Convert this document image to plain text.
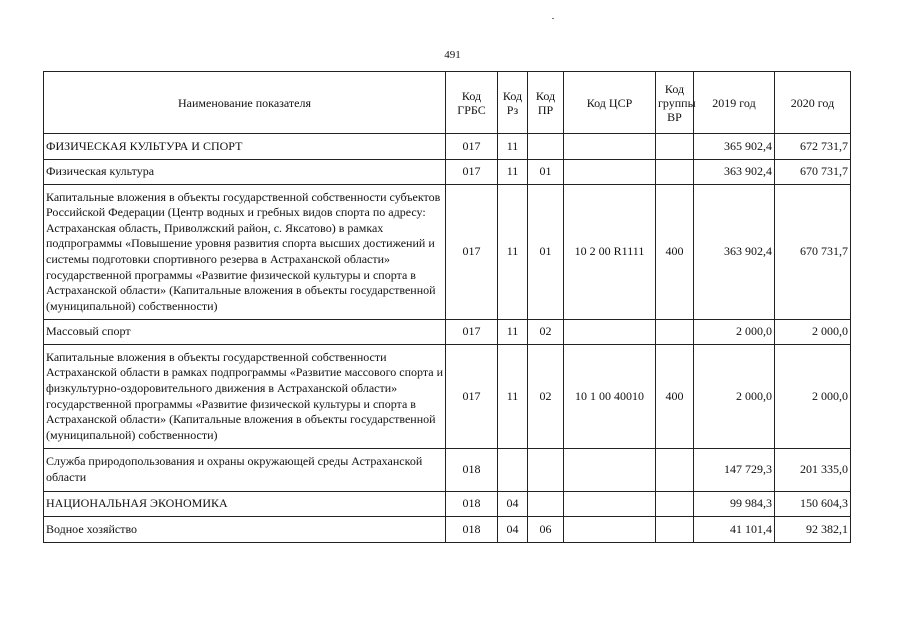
491
Наименование показателя	Код ГРБС	Код Рз	Код ПР	Код ЦСР	Код группы ВР	2019 год	2020 год
ФИЗИЧЕСКАЯ КУЛЬТУРА И СПОРТ	017	11				365 902,4	672 731,7
Физическая культура	017	11	01			363 902,4	670 731,7
Капитальные вложения в объекты государственной собственности субъектов Российской Федерации (Центр водных и гребных видов спорта по адресу: Астраханская область, Приволжский район, с. Яксатово) в рамках подпрограммы «Повышение уровня развития спорта высших достижений и системы подготовки спортивного резерва в Астраханской области» государственной программы «Развитие физической культуры и спорта в Астраханской области» (Капитальные вложения в объекты государственной (муниципальной) собственности)	017	11	01	10 2 00 R1111	400	363 902,4	670 731,7
Массовый спорт	017	11	02			2 000,0	2 000,0
Капитальные вложения в объекты государственной собственности Астраханской области в рамках подпрограммы «Развитие массового спорта и физкультурно-оздоровительного движения в Астраханской области» государственной программы «Развитие физической культуры и спорта в Астраханской области» (Капитальные вложения в объекты государственной (муниципальной) собственности)	017	11	02	10 1 00 40010	400	2 000,0	2 000,0
Служба природопользования и охраны окружающей среды Астраханской области	018					147 729,3	201 335,0
НАЦИОНАЛЬНАЯ ЭКОНОМИКА	018	04				99 984,3	150 604,3
Водное хозяйство	018	04	06			41 101,4	92 382,1
